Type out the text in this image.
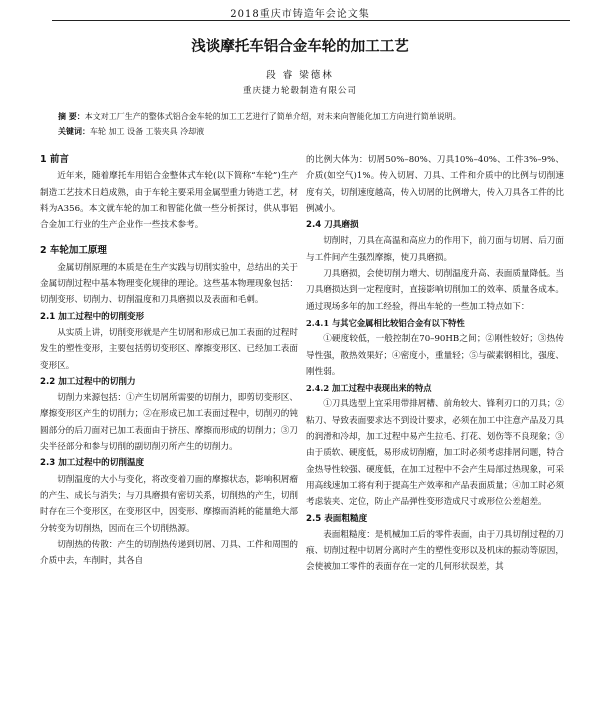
2018重庆市铸造年会论文集
浅谈摩托车铝合金车轮的加工工艺
段 睿 梁德林
重庆捷力轮毂制造有限公司
摘 要：本文对工厂生产的整体式铝合金车轮的加工工艺进行了简单介绍，对未来向智能化加工方向进行简单说明。
关键词：车轮 加工 设备 工装夹具 冷却液
1 前言

近年来，随着摩托车用铝合金整体式车轮(以下简称“车轮”)生产制造工艺技术日趋成熟，由于车轮主要采用金属型重力铸造工艺，材料为A356。本文就车轮的加工和智能化做一些分析探讨，供从事铝合金加工行业的生产企业作一些技术参考。

2 车轮加工原理

金属切削原理的本质是在生产实践与切削实验中，总结出的关于金属切削过程中基本物理变化规律的理论。这些基本物理现象包括：切削变形、切削力、切削温度和刀具磨损以及表面和毛刺。

2.1 加工过程中的切削变形

从实质上讲，切削变形就是产生切屑和形成已加工表面的过程时发生的塑性变形，主要包括剪切变形区、摩擦变形区、已经加工表面变形区。

2.2 加工过程中的切削力

切削力来源包括：①产生切屑所需要的切削力，即剪切变形区、摩擦变形区产生的切削力；②在形成已加工表面过程中，切削刃的钝圆部分的后刀面对已加工表面由于挤压、摩擦而形成的切削力；③刀尖半径部分和参与切削的副切削刃所产生的切削力。

2.3 加工过程中的切削温度

切削温度的大小与变化，将改变着刀面的摩擦状态，影响积屑瘤的产生、成长与消失；与刀具磨损有密切关系，切削热的产生，切削时存在三个变形区，在变形区中，因变形、摩擦而消耗的能量绝大部分转变为切削热，因而在三个切削热源。

切削热的传散：产生的切削热传递到切屑、刀具、工件和周围的介质中去，车削时，其各自

的比例大体为：切屑50%–80%、刀具10%–40%、工件3%–9%、介质(如空气)1%。传入切屑、刀具、工件和介质中的比例与切削速度有关，切削速度越高，传入切屑的比例增大，传入刀具各工件的比例减小。

2.4 刀具磨损

切削时，刀具在高温和高应力的作用下，前刀面与切屑、后刀面与工件间产生强烈摩擦，使刀具磨损。

刀具磨损，会使切削力增大、切削温度升高、表面质量降低。当刀具磨损达到一定程度时，直接影响切削加工的效率、质量各成本。通过现场多年的加工经验，得出车轮的一些加工特点如下：

2.4.1 与其它金属相比较铝合金有以下特性

①硬度较低，一般控制在70–90HB之间；②刚性较好；③热传导性强，散热效果好；④密度小，重量轻；⑤与碳素钢相比，强度、刚性弱。

2.4.2 加工过程中表现出来的特点

①刀具选型上宜采用带排屑槽、前角较大、锋利刃口的刀具；②粘刀、导致表面要求达不到设计要求，必须在加工中注意产品及刀具的润滑和冷却，加工过程中易产生拉毛、打花、划伤等不良现象；③由于质软、硬度低，易形成切削瘤，加工时必须考虑排屑问题，特合金热导性较强、硬度低，在加工过程中不会产生局部过热现象，可采用高线速加工将有利于提高生产效率和产品表面质量；④加工时必须考虑装夹、定位，防止产品弹性变形造成尺寸或形位公差超差。

2.5 表面粗糙度

表面粗糙度：是机械加工后的零件表面，由于刀具切削过程的刀痕、切削过程中切屑分离时产生的塑性变形以及机床的振动等原因，会使被加工零件的表面存在一定的几何形状误差，其
